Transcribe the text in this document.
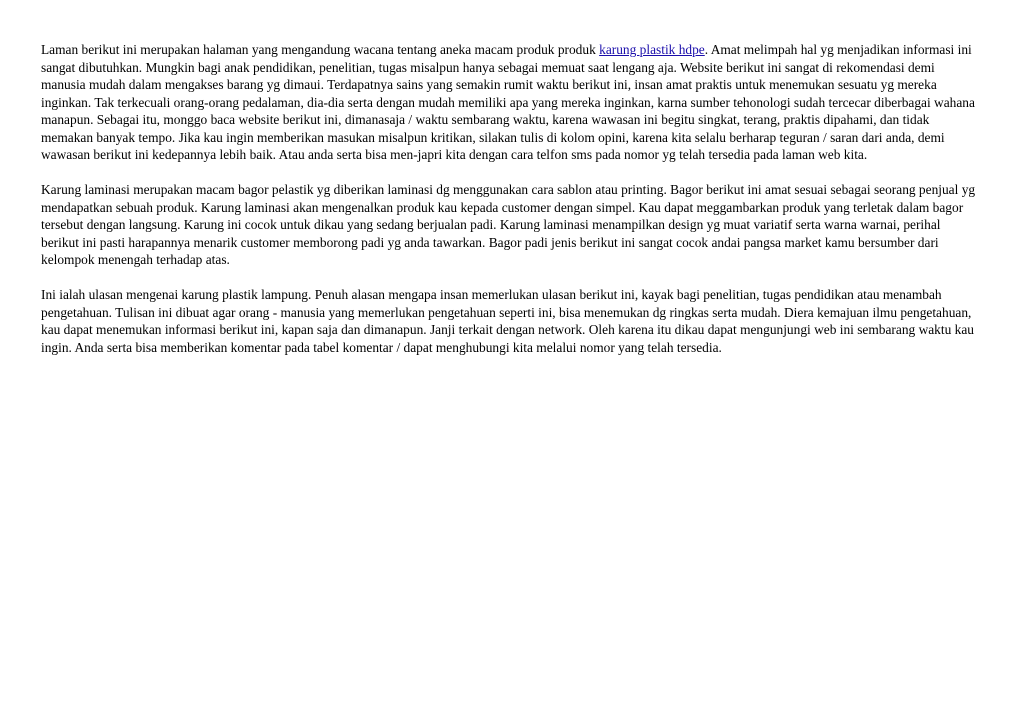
Laman berikut ini merupakan halaman yang mengandung wacana tentang aneka macam produk produk karung plastik hdpe. Amat melimpah hal yg menjadikan informasi ini sangat dibutuhkan. Mungkin bagi anak pendidikan, penelitian, tugas misalpun hanya sebagai memuat saat lengang aja. Website berikut ini sangat di rekomendasi demi manusia mudah dalam mengakses barang yg dimaui. Terdapatnya sains yang semakin rumit waktu berikut ini, insan amat praktis untuk menemukan sesuatu yg mereka inginkan. Tak terkecuali orang-orang pedalaman, dia-dia serta dengan mudah memiliki apa yang mereka inginkan, karna sumber tehonologi sudah tercecar diberbagai wahana manapun. Sebagai itu, monggo baca website berikut ini, dimanasaja / waktu sembarang waktu, karena wawasan ini begitu singkat, terang, praktis dipahami, dan tidak memakan banyak tempo. Jika kau ingin memberikan masukan misalpun kritikan, silakan tulis di kolom opini, karena kita selalu berharap teguran / saran dari anda, demi wawasan berikut ini kedepannya lebih baik. Atau anda serta bisa men-japri kita dengan cara telfon sms pada nomor yg telah tersedia pada laman web kita.

Karung laminasi merupakan macam bagor pelastik yg diberikan laminasi dg menggunakan cara sablon atau printing. Bagor berikut ini amat sesuai sebagai seorang penjual yg mendapatkan sebuah produk. Karung laminasi akan mengenalkan produk kau kepada customer dengan simpel. Kau dapat meggambarkan produk yang terletak dalam bagor tersebut dengan langsung. Karung ini cocok untuk dikau yang sedang berjualan padi. Karung laminasi menampilkan design yg muat variatif serta warna warnai, perihal berikut ini pasti harapannya menarik customer memborong padi yg anda tawarkan. Bagor padi jenis berikut ini sangat cocok andai pangsa market kamu bersumber dari kelompok menengah terhadap atas.

Ini ialah ulasan mengenai karung plastik lampung. Penuh alasan mengapa insan memerlukan ulasan berikut ini, kayak bagi penelitian, tugas pendidikan atau menambah pengetahuan. Tulisan ini dibuat agar orang - manusia yang memerlukan pengetahuan seperti ini, bisa menemukan dg ringkas serta mudah. Diera kemajuan ilmu pengetahuan, kau dapat menemukan informasi berikut ini, kapan saja dan dimanapun. Janji terkait dengan network. Oleh karena itu dikau dapat mengunjungi web ini sembarang waktu kau ingin. Anda serta bisa memberikan komentar pada tabel komentar / dapat menghubungi kita melalui nomor yang telah tersedia.
